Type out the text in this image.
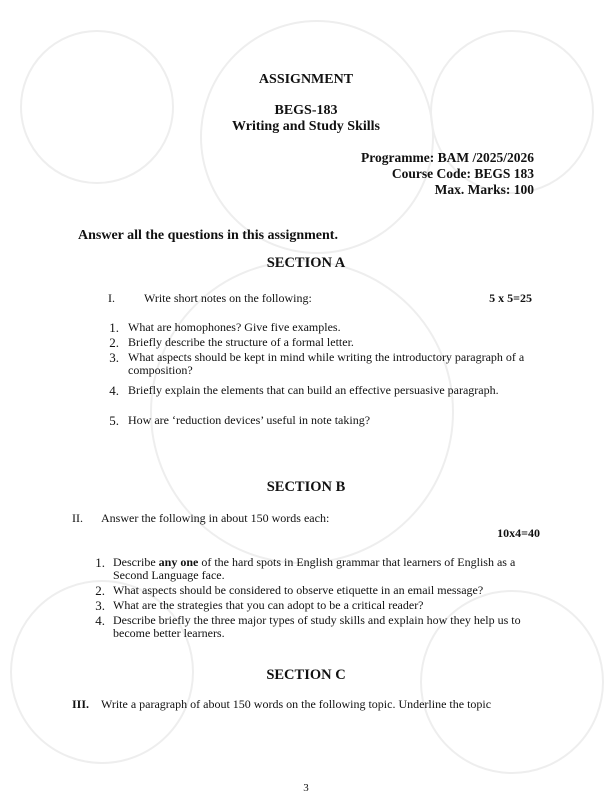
ASSIGNMENT
BEGS-183
Writing and Study Skills
Programme: BAM /2025/2026
Course Code: BEGS 183
Max. Marks: 100
Answer all the questions in this assignment.
SECTION A
I. Write short notes on the following:	5 x 5=25
1. What are homophones? Give five examples.
2. Briefly describe the structure of a formal letter.
3. What aspects should be kept in mind while writing the introductory paragraph of a composition?
4. Briefly explain the elements that can build an effective persuasive paragraph.
5. How are ‘reduction devices’ useful in note taking?
SECTION B
II. Answer the following in about 150 words each:
10x4=40
1. Describe any one of the hard spots in English grammar that learners of English as a Second Language face.
2. What aspects should be considered to observe etiquette in an email message?
3. What are the strategies that you can adopt to be a critical reader?
4. Describe briefly the three major types of study skills and explain how they help us to become better learners.
SECTION C
III. Write a paragraph of about 150 words on the following topic. Underline the topic
3
